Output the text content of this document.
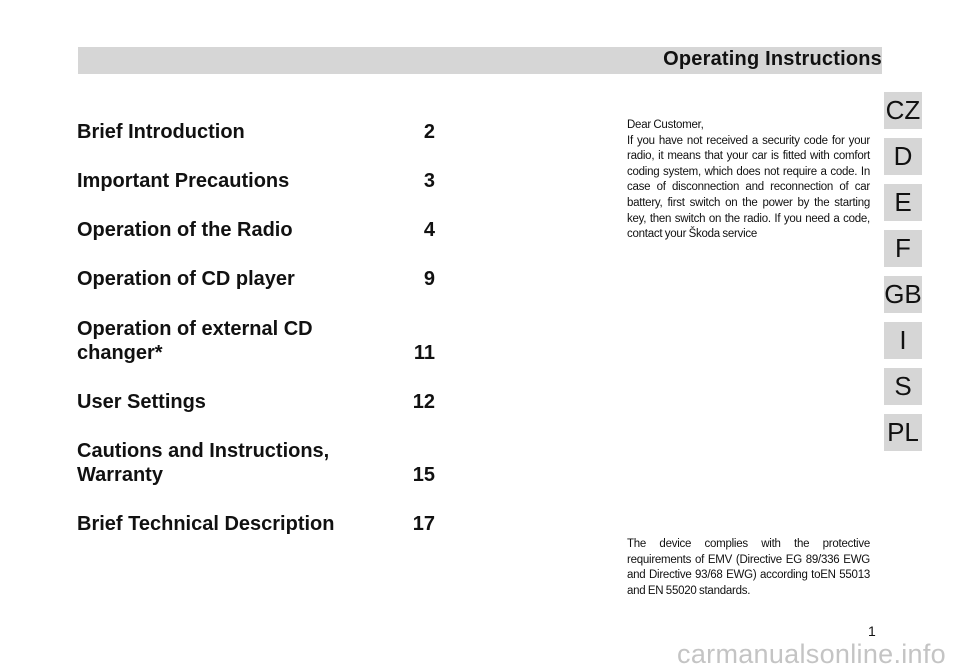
Operating Instructions
Brief Introduction	2
Important Precautions	3
Operation of the Radio	4
Operation of CD player	9
Operation of external CD changer*	11
User Settings	12
Cautions and Instructions, Warranty	15
Brief Technical Description	17

Dear Customer,

If you have not received a security code for your radio, it means that your car is fitted with comfort coding system, which does not require a code. In case of disconnection and reconnection of car battery, first switch on the power by the starting key, then switch on the radio. If you need a code, contact your Škoda service

The device complies with the protective requirements of EMV (Directive EG 89/336 EWG and Directive 93/68 EWG) according toEN 55013 and EN 55020 standards.

CZ
D
E
F
GB
I
S
PL
1
carmanualsonline.info
